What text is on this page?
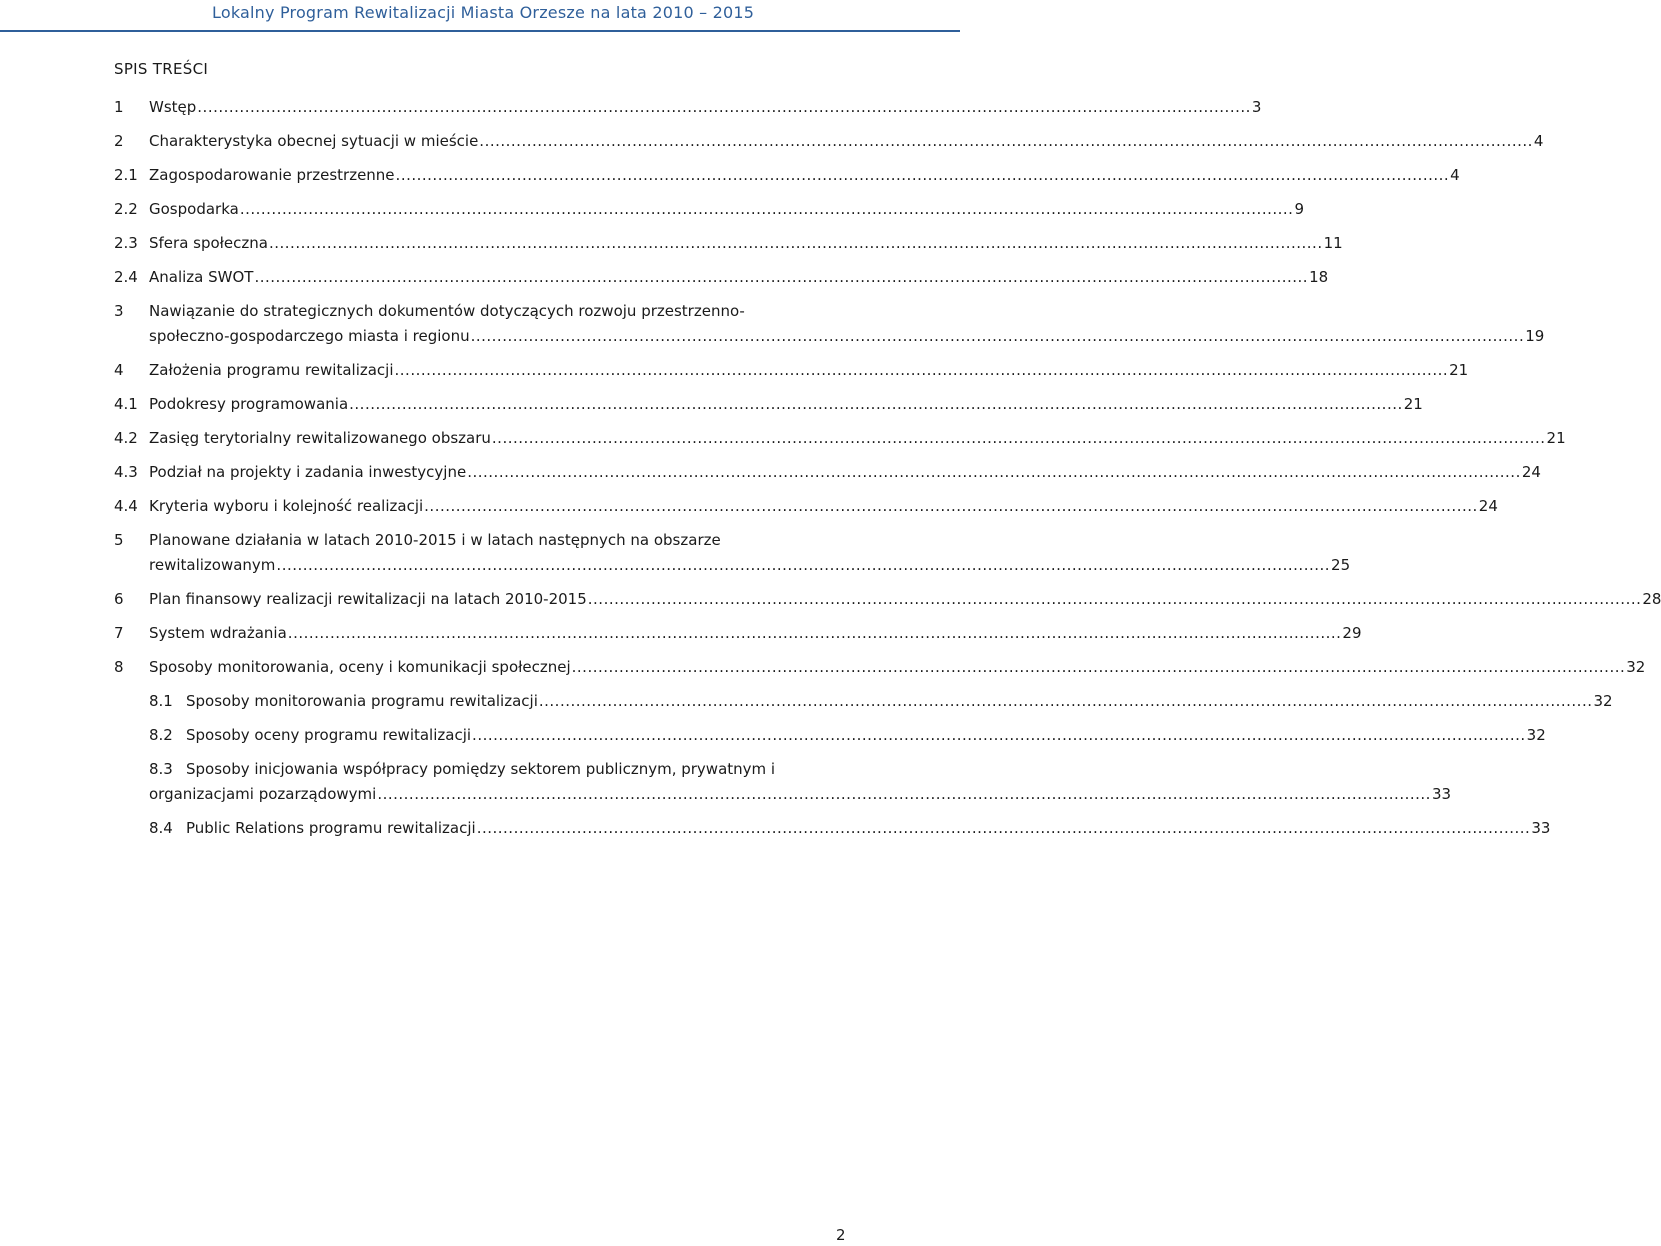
Lokalny Program Rewitalizacji Miasta Orzesze na lata 2010 – 2015
SPIS TREŚCI
1 Wstęp ........................................................................................................................................................................................................ 3
2 Charakterystyka obecnej sytuacji w mieście ........................................................................................................................................................................................................ 4
2.1 Zagospodarowanie przestrzenne ........................................................................................................................................................................................................ 4
2.2 Gospodarka ........................................................................................................................................................................................................ 9
2.3 Sfera społeczna ........................................................................................................................................................................................................ 11
2.4 Analiza SWOT ........................................................................................................................................................................................................ 18
3 Nawiązanie do strategicznych dokumentów dotyczących rozwoju przestrzenno-
społeczno-gospodarczego miasta i regionu ........................................................................................................................................................................................................ 19
4 Założenia programu rewitalizacji ........................................................................................................................................................................................................ 21
4.1 Podokresy programowania ........................................................................................................................................................................................................ 21
4.2 Zasięg terytorialny rewitalizowanego obszaru ........................................................................................................................................................................................................ 21
4.3 Podział na projekty i zadania inwestycyjne ........................................................................................................................................................................................................ 24
4.4 Kryteria wyboru i kolejność realizacji ........................................................................................................................................................................................................ 24
5 Planowane działania w latach 2010-2015 i w latach następnych na obszarze
rewitalizowanym ........................................................................................................................................................................................................ 25
6 Plan finansowy realizacji rewitalizacji na latach 2010-2015 ........................................................................................................................................................................................................ 28
7 System wdrażania ........................................................................................................................................................................................................ 29
8 Sposoby monitorowania, oceny i komunikacji społecznej ........................................................................................................................................................................................................ 32
8.1 Sposoby monitorowania programu rewitalizacji ........................................................................................................................................................................................................ 32
8.2 Sposoby oceny programu rewitalizacji ........................................................................................................................................................................................................ 32
8.3 Sposoby inicjowania współpracy pomiędzy sektorem publicznym, prywatnym i
organizacjami pozarządowymi ........................................................................................................................................................................................................ 33
8.4 Public Relations programu rewitalizacji ........................................................................................................................................................................................................ 33
2
